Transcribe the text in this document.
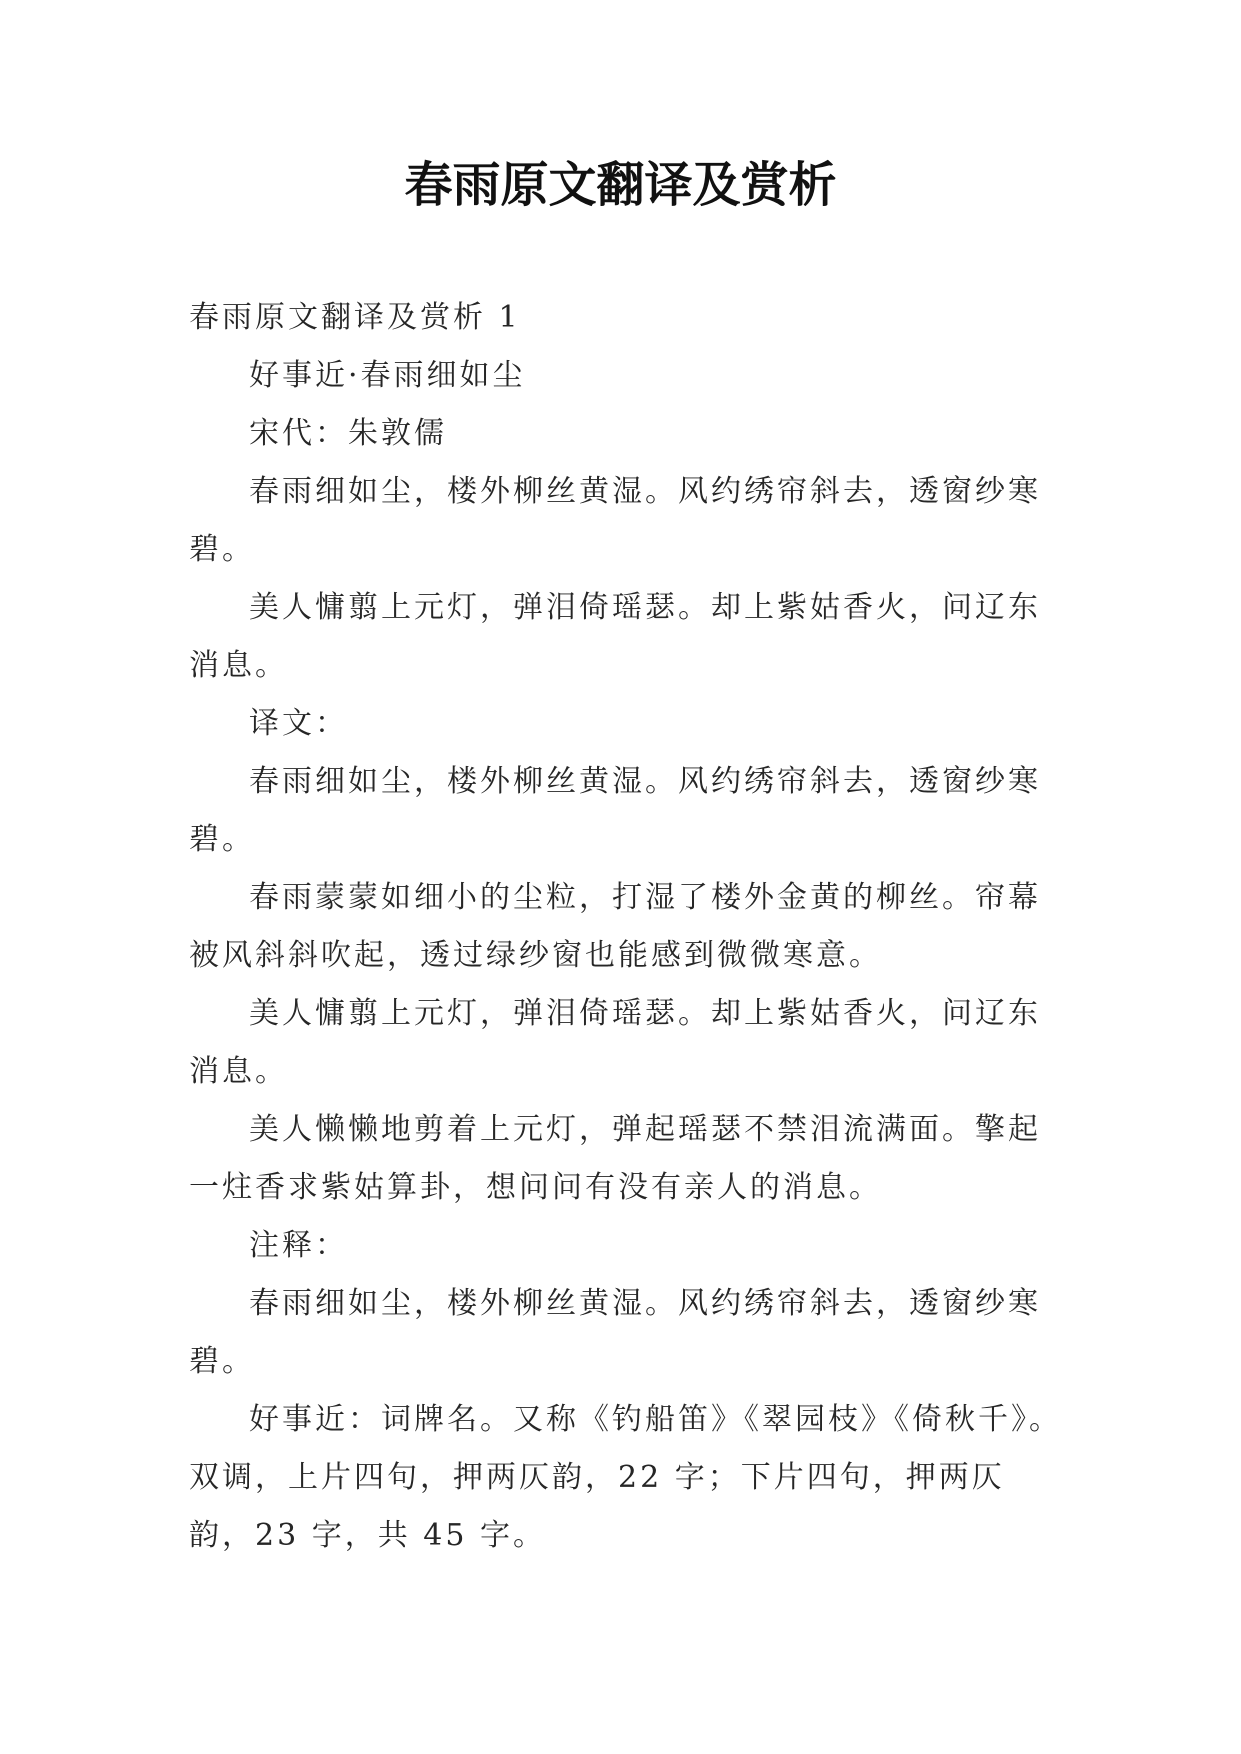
春雨原文翻译及赏析

春雨原文翻译及赏析 1

好事近·春雨细如尘

宋代：朱敦儒

春雨细如尘，楼外柳丝黄湿。风约绣帘斜去，透窗纱寒碧。

美人慵翦上元灯，弹泪倚瑶瑟。却上紫姑香火，问辽东消息。

译文：

春雨细如尘，楼外柳丝黄湿。风约绣帘斜去，透窗纱寒碧。

春雨蒙蒙如细小的尘粒，打湿了楼外金黄的柳丝。帘幕被风斜斜吹起，透过绿纱窗也能感到微微寒意。

美人慵翦上元灯，弹泪倚瑶瑟。却上紫姑香火，问辽东消息。

美人懒懒地剪着上元灯，弹起瑶瑟不禁泪流满面。擎起一炷香求紫姑算卦，想问问有没有亲人的消息。

注释：

春雨细如尘，楼外柳丝黄湿。风约绣帘斜去，透窗纱寒碧。

好事近：词牌名。又称《钓船笛》《翠园枝》《倚秋千》。双调，上片四句，押两仄韵，22 字；下片四句，押两仄韵，23 字，共 45 字。
